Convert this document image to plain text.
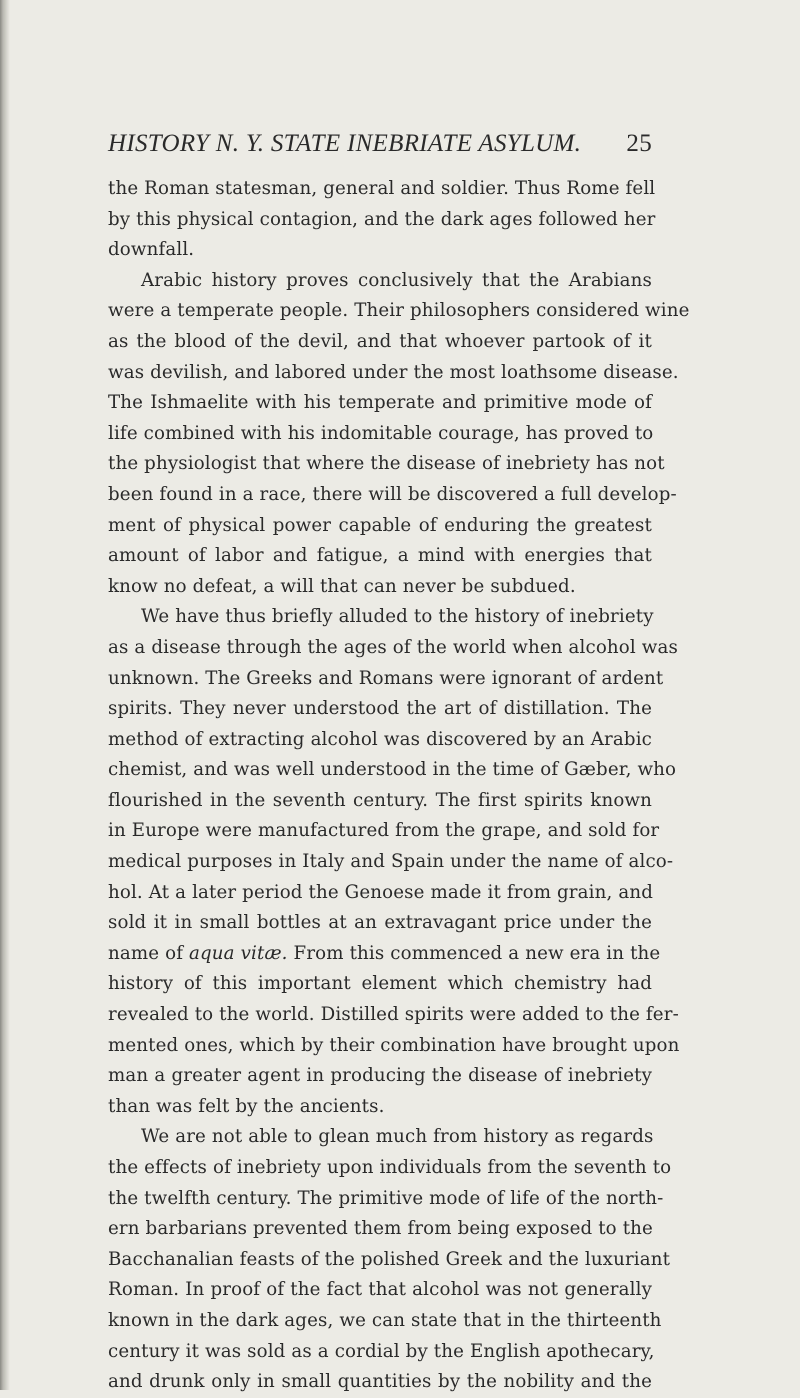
HISTORY N. Y. STATE INEBRIATE ASYLUM. 25

the Roman statesman, general and soldier. Thus Rome fell
by this physical contagion, and the dark ages followed her
downfall.

Arabic history proves conclusively that the Arabians
were a temperate people. Their philosophers considered wine
as the blood of the devil, and that whoever partook of it
was devilish, and labored under the most loathsome disease.
The Ishmaelite with his temperate and primitive mode of
life combined with his indomitable courage, has proved to
the physiologist that where the disease of inebriety has not
been found in a race, there will be discovered a full develop-
ment of physical power capable of enduring the greatest
amount of labor and fatigue, a mind with energies that
know no defeat, a will that can never be subdued.

We have thus briefly alluded to the history of inebriety
as a disease through the ages of the world when alcohol was
unknown. The Greeks and Romans were ignorant of ardent
spirits. They never understood the art of distillation. The
method of extracting alcohol was discovered by an Arabic
chemist, and was well understood in the time of Gæber, who
flourished in the seventh century. The first spirits known
in Europe were manufactured from the grape, and sold for
medical purposes in Italy and Spain under the name of alco-
hol. At a later period the Genoese made it from grain, and
sold it in small bottles at an extravagant price under the
name of aqua vitæ. From this commenced a new era in the
history of this important element which chemistry had
revealed to the world. Distilled spirits were added to the fer-
mented ones, which by their combination have brought upon
man a greater agent in producing the disease of inebriety
than was felt by the ancients.

We are not able to glean much from history as regards
the effects of inebriety upon individuals from the seventh to
the twelfth century. The primitive mode of life of the north-
ern barbarians prevented them from being exposed to the
Bacchanalian feasts of the polished Greek and the luxuriant
Roman. In proof of the fact that alcohol was not generally
known in the dark ages, we can state that in the thirteenth
century it was sold as a cordial by the English apothecary,
and drunk only in small quantities by the nobility and the
